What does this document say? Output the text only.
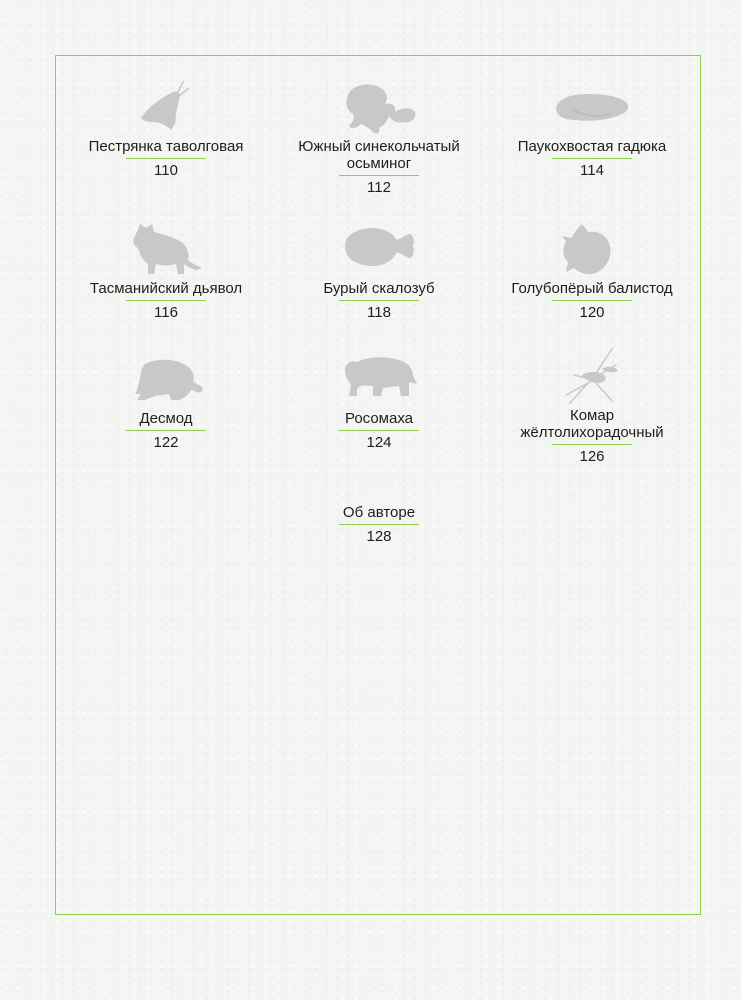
Пестрянка таволговая
110
Южный синекольчатый
осьминог
112
Паукохвостая гадюка
114
Тасманийский дьявол
116
Бурый скалозуб
118
Голубопёрый балистод
120
Десмод
122
Росомаха
124
Комар
жёлтолихорадочный
126
Об авторе
128
